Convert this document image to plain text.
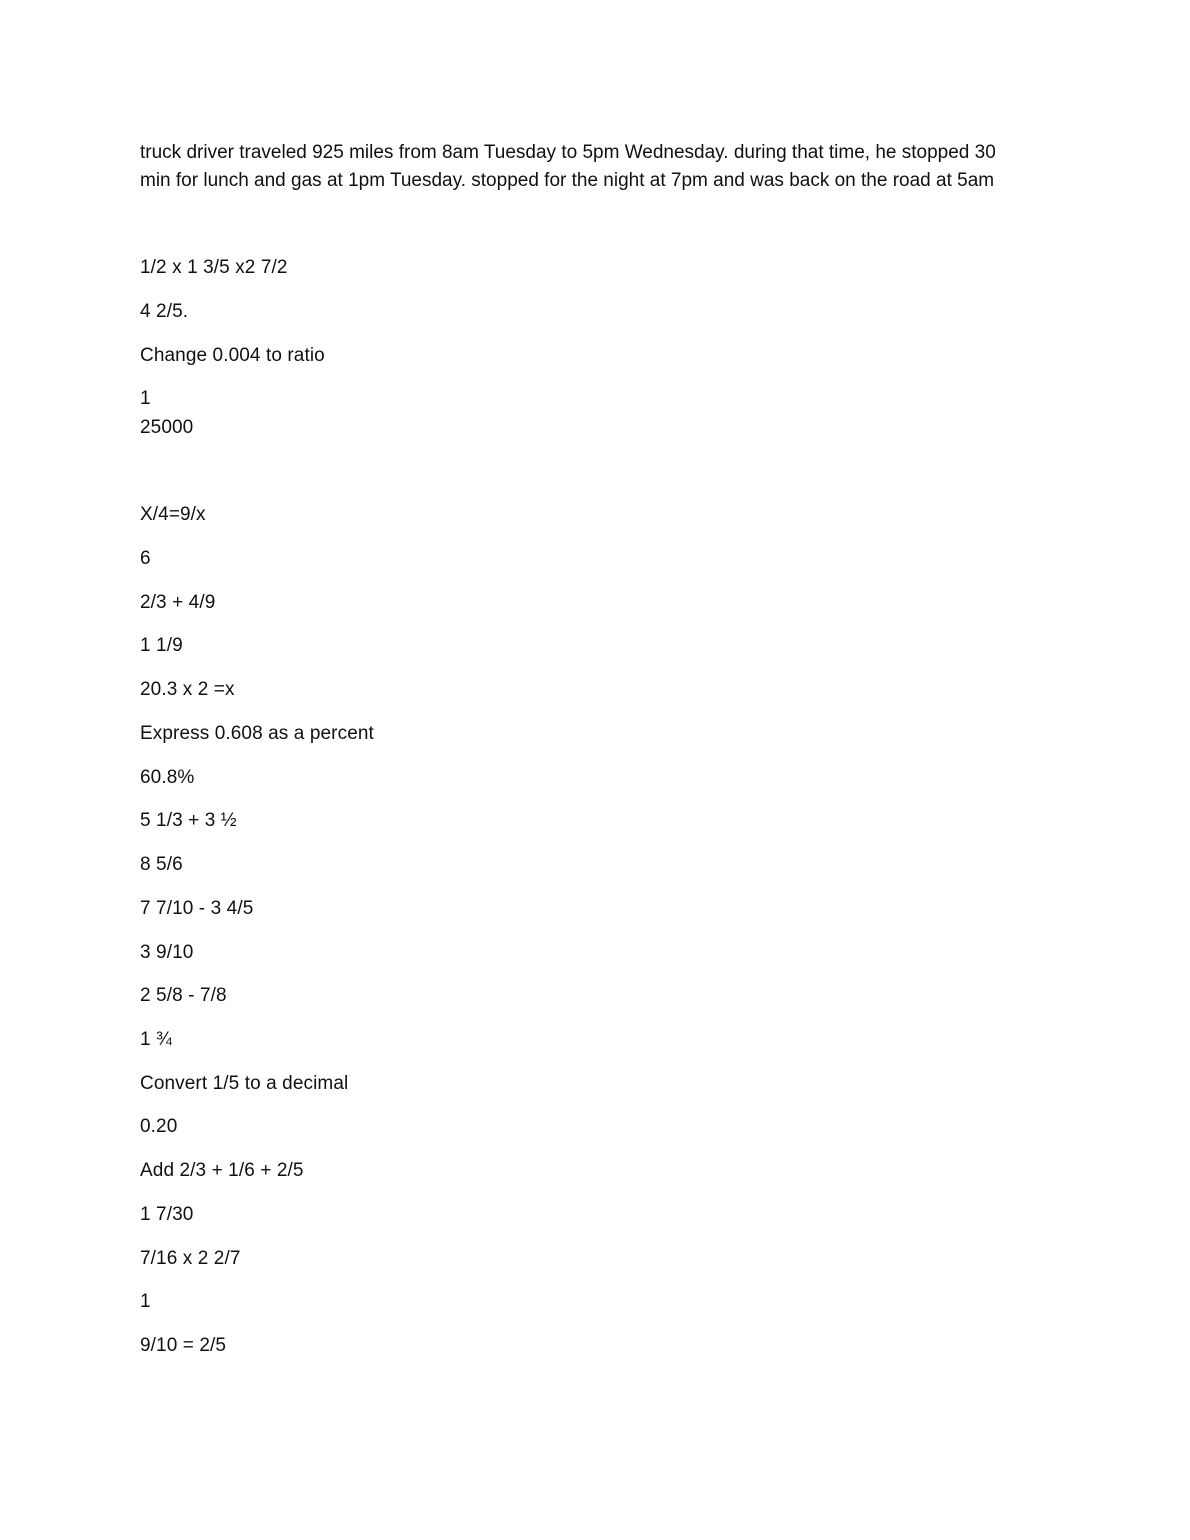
truck driver traveled 925 miles from 8am Tuesday to 5pm Wednesday. during that time, he stopped 30
min for lunch and gas at 1pm Tuesday. stopped for the night at 7pm and was back on the road at 5am
1/2 x 1 3/5 x2 7/2
4 2/5.
Change 0.004 to ratio
1
25000
X/4=9/x
6
2/3 + 4/9
1 1/9
20.3 x 2 =x
Express 0.608 as a percent
60.8%
5 1/3 + 3 ½
8 5/6
7 7/10 - 3 4/5
3 9/10
2 5/8 - 7/8
1 ¾
Convert 1/5 to a decimal
0.20
Add 2/3 + 1/6 + 2/5
1 7/30
7/16 x 2 2/7
1
9/10 = 2/5
